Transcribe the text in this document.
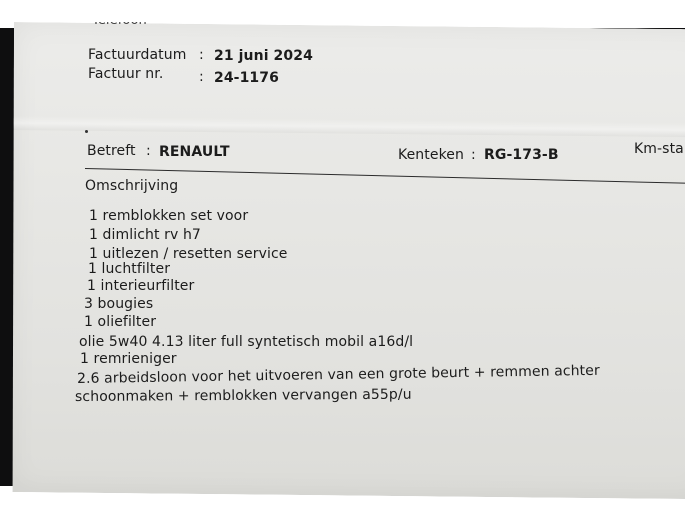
Factuurdatum : 21 juni 2024
Factuur nr.	: 24-1176
Betreft : RENAULT	Kenteken : RG-173-B	Km-sta
Omschrijving
1 remblokken set voor
1 dimlicht rv h7
1 uitlezen / resetten service
1 luchtfilter
1 interieurfilter
3 bougies
1 oliefilter
olie 5w40 4.13 liter full syntetisch mobil a16d/l
1 remrieniger
2.6 arbeidsloon voor het uitvoeren van een grote beurt + remmen achter
schoonmaken + remblokken vervangen a55p/u
